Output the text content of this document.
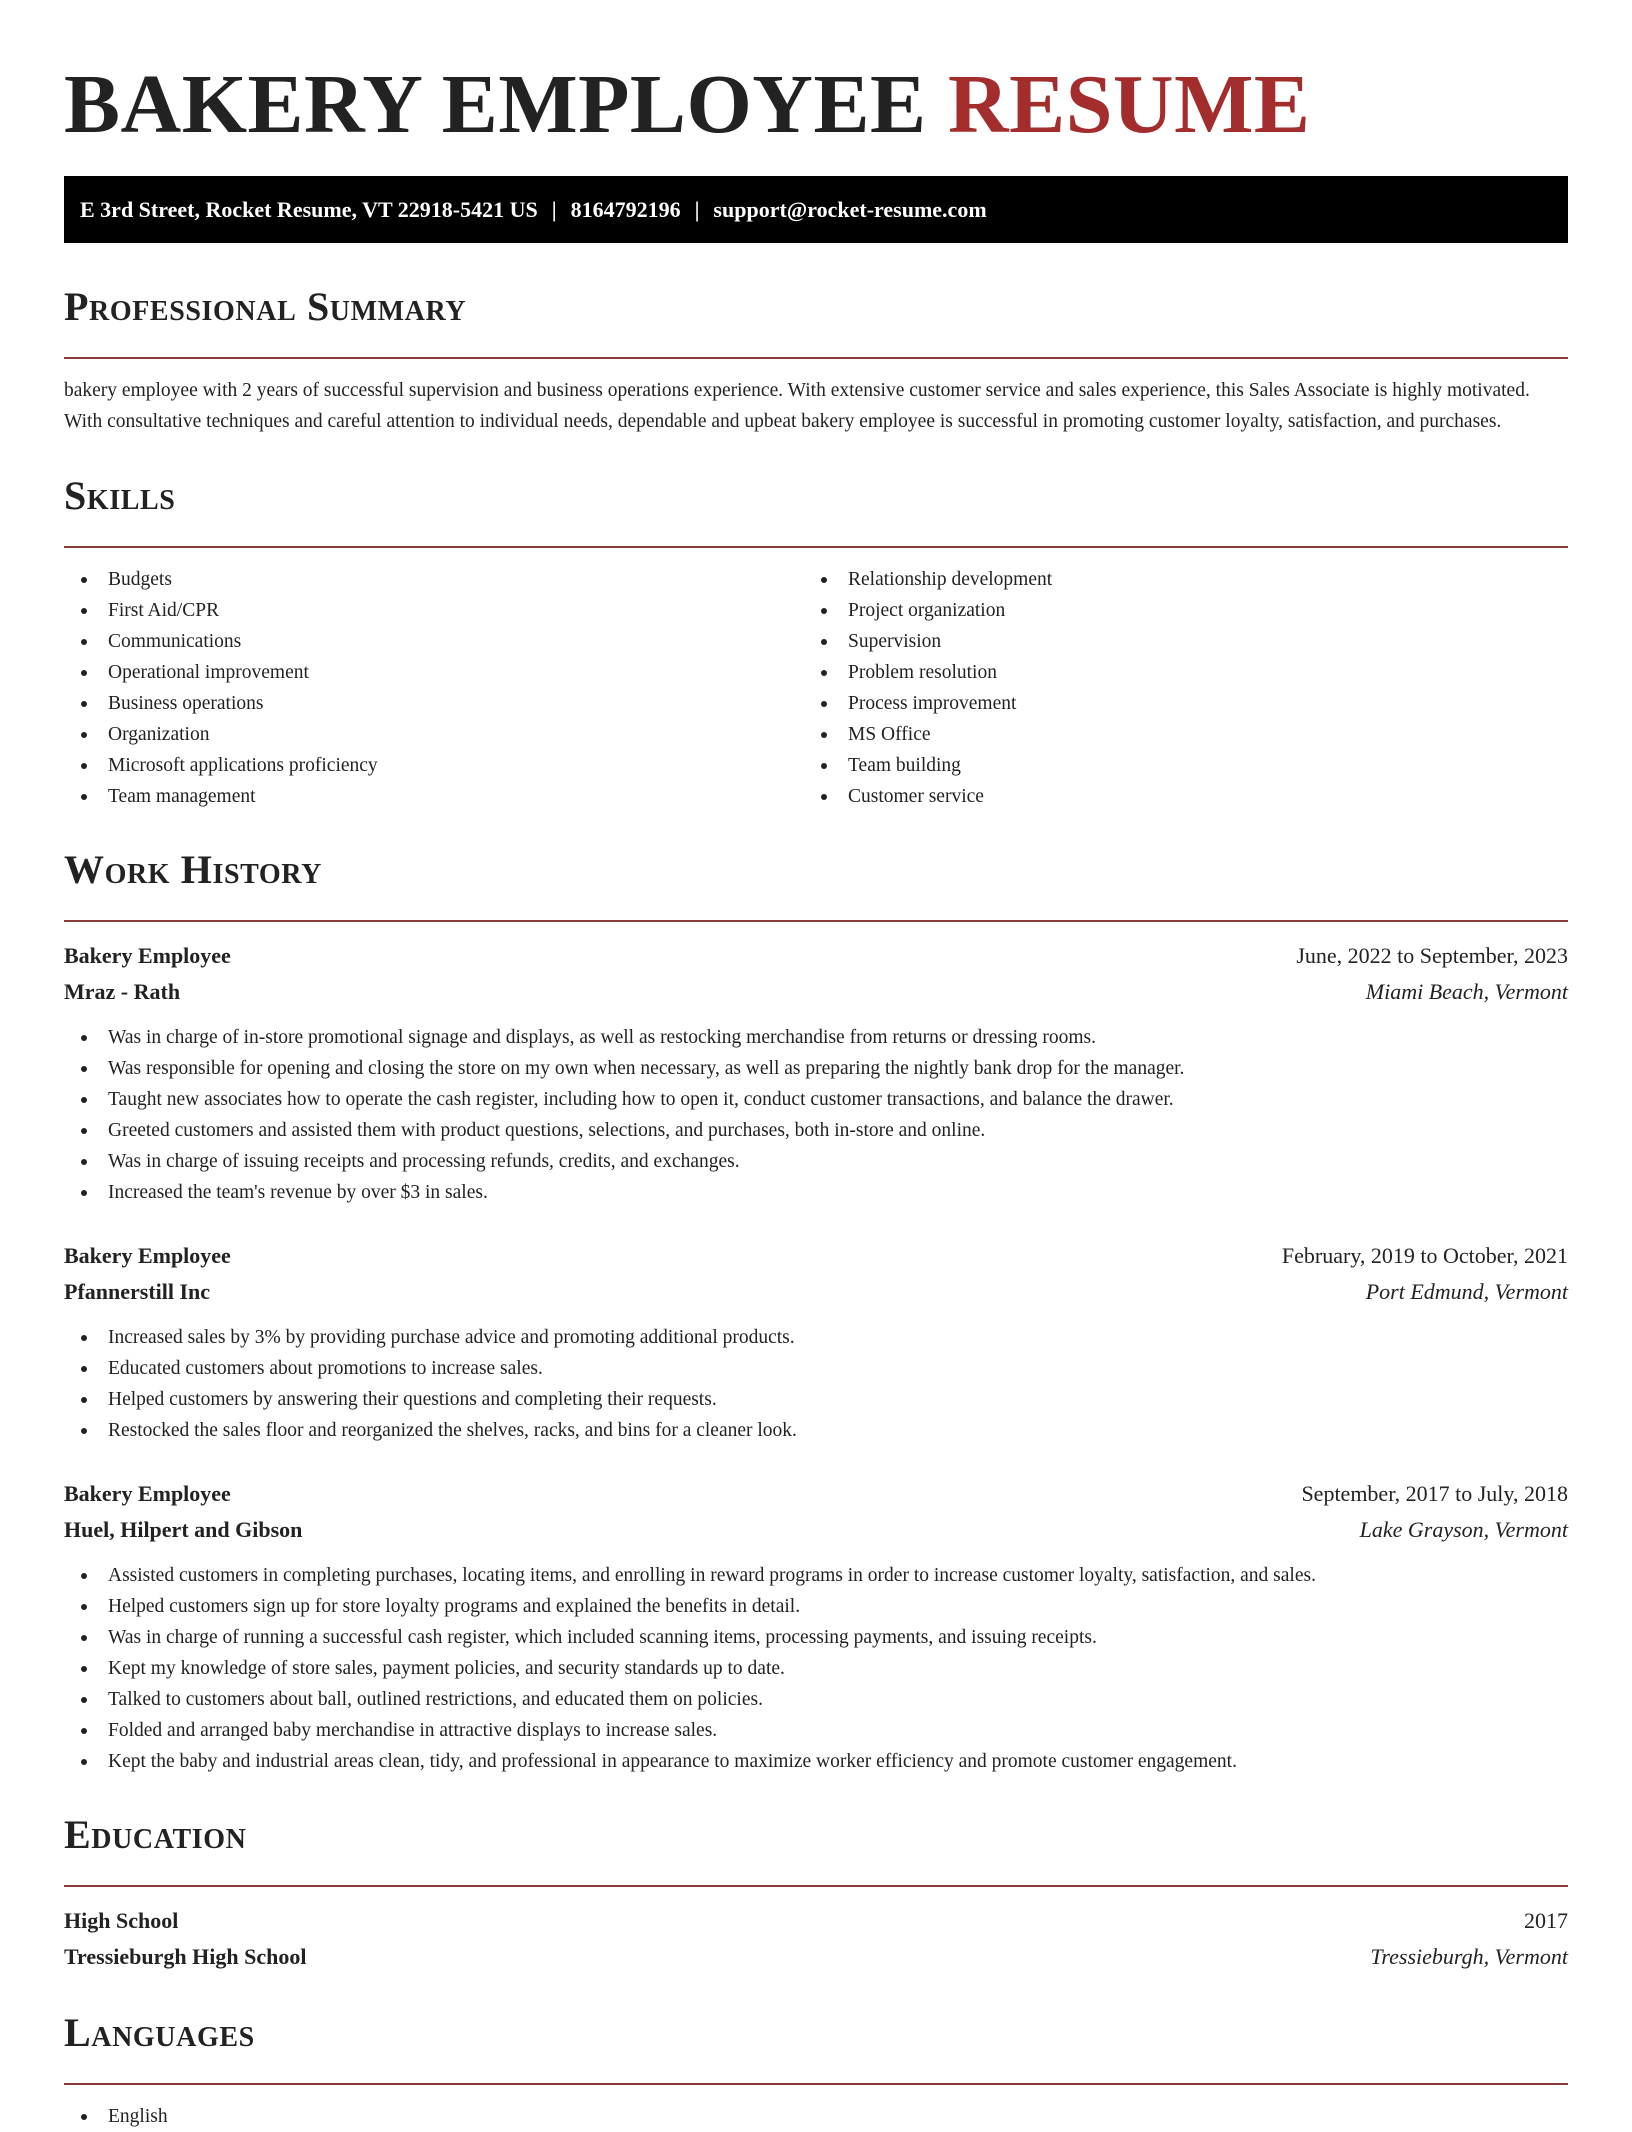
BAKERY EMPLOYEE RESUME
E 3rd Street, Rocket Resume, VT 22918-5421 US | 8164792196 | support@rocket-resume.com
Professional Summary
bakery employee with 2 years of successful supervision and business operations experience. With extensive customer service and sales experience, this Sales Associate is highly motivated. With consultative techniques and careful attention to individual needs, dependable and upbeat bakery employee is successful in promoting customer loyalty, satisfaction, and purchases.
Skills
Budgets
First Aid/CPR
Communications
Operational improvement
Business operations
Organization
Microsoft applications proficiency
Team management
Relationship development
Project organization
Supervision
Problem resolution
Process improvement
MS Office
Team building
Customer service
Work History
Bakery Employee	June, 2022 to September, 2023
Mraz - Rath	Miami Beach, Vermont
Was in charge of in-store promotional signage and displays, as well as restocking merchandise from returns or dressing rooms.
Was responsible for opening and closing the store on my own when necessary, as well as preparing the nightly bank drop for the manager.
Taught new associates how to operate the cash register, including how to open it, conduct customer transactions, and balance the drawer.
Greeted customers and assisted them with product questions, selections, and purchases, both in-store and online.
Was in charge of issuing receipts and processing refunds, credits, and exchanges.
Increased the team's revenue by over $3 in sales.
Bakery Employee	February, 2019 to October, 2021
Pfannerstill Inc	Port Edmund, Vermont
Increased sales by 3% by providing purchase advice and promoting additional products.
Educated customers about promotions to increase sales.
Helped customers by answering their questions and completing their requests.
Restocked the sales floor and reorganized the shelves, racks, and bins for a cleaner look.
Bakery Employee	September, 2017 to July, 2018
Huel, Hilpert and Gibson	Lake Grayson, Vermont
Assisted customers in completing purchases, locating items, and enrolling in reward programs in order to increase customer loyalty, satisfaction, and sales.
Helped customers sign up for store loyalty programs and explained the benefits in detail.
Was in charge of running a successful cash register, which included scanning items, processing payments, and issuing receipts.
Kept my knowledge of store sales, payment policies, and security standards up to date.
Talked to customers about ball, outlined restrictions, and educated them on policies.
Folded and arranged baby merchandise in attractive displays to increase sales.
Kept the baby and industrial areas clean, tidy, and professional in appearance to maximize worker efficiency and promote customer engagement.
Education
High School	2017
Tressieburgh High School	Tressieburgh, Vermont
Languages
English
